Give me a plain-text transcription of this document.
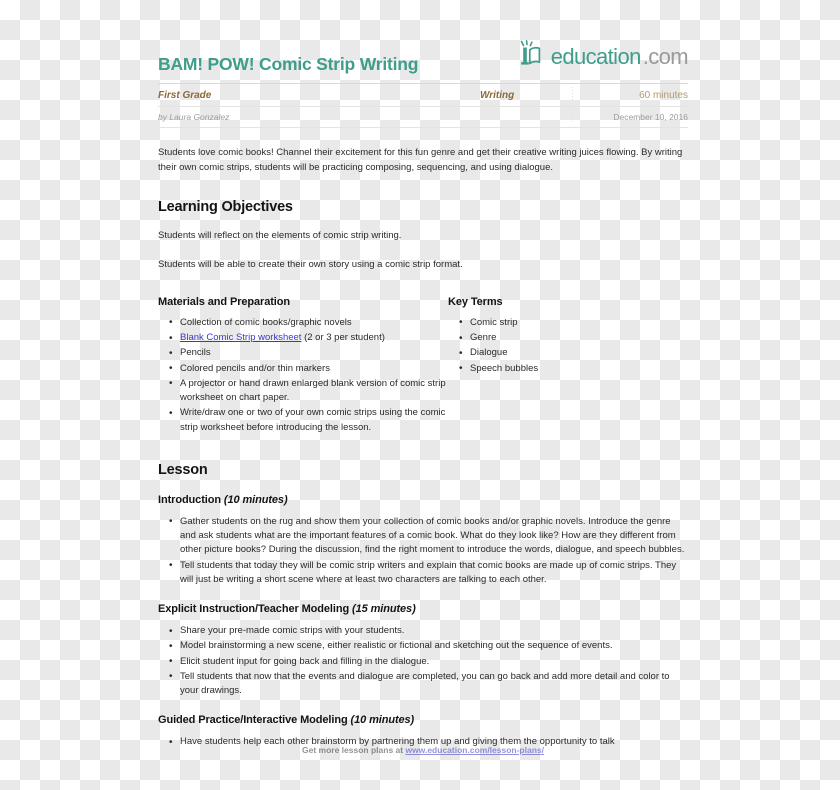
BAM! POW! Comic Strip Writing	education .com
First Grade	Writing	60 minutes
by Laura Gonzalez	December 10, 2016

Students love comic books! Channel their excitement for this fun genre and get their creative writing juices flowing. By writing their own comic strips, students will be practicing composing, sequencing, and using dialogue.

Learning Objectives

Students will reflect on the elements of comic strip writing.

Students will be able to create their own story using a comic strip format.

Materials and Preparation
• Collection of comic books/graphic novels
• Blank Comic Strip worksheet (2 or 3 per student)
• Pencils
• Colored pencils and/or thin markers
• A projector or hand drawn enlarged blank version of comic strip worksheet on chart paper.
• Write/draw one or two of your own comic strips using the comic strip worksheet before introducing the lesson.
Key Terms
• Comic strip
• Genre
• Dialogue
• Speech bubbles
Lesson
Introduction (10 minutes)
• Gather students on the rug and show them your collection of comic books and/or graphic novels. Introduce the genre and ask students what are the important features of a comic book. What do they look like? How are they different from other picture books? During the discussion, find the right moment to introduce the words, dialogue, and speech bubbles.
• Tell students that today they will be comic strip writers and explain that comic books are made up of comic strips. They will just be writing a short scene where at least two characters are talking to each other.
Explicit Instruction/Teacher Modeling (15 minutes)
• Share your pre-made comic strips with your students.
• Model brainstorming a new scene, either realistic or fictional and sketching out the sequence of events.
• Elicit student input for going back and filling in the dialogue.
• Tell students that now that the events and dialogue are completed, you can go back and add more detail and color to your drawings.
Guided Practice/Interactive Modeling (10 minutes)
• Have students help each other brainstorm by partnering them up and giving them the opportunity to talk
Get more lesson plans at www.education.com/lesson-plans/
